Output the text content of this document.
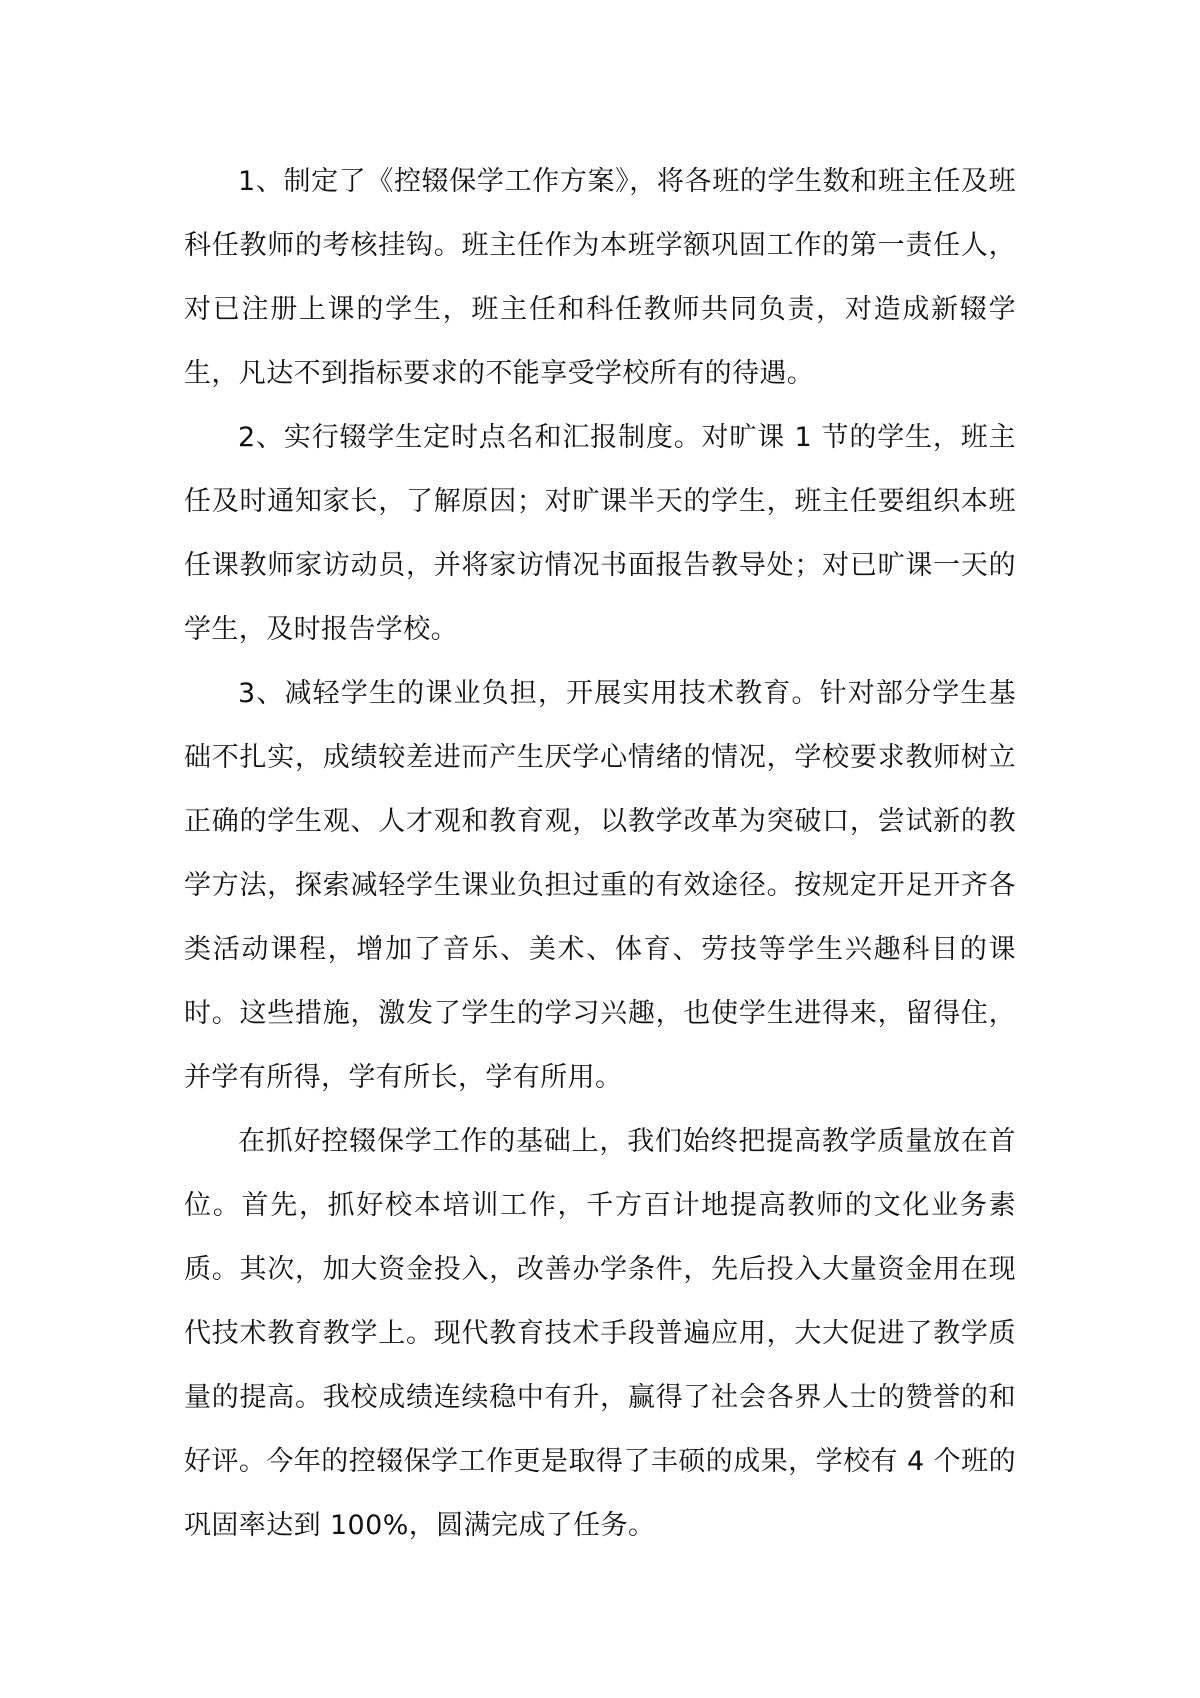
1、制定了《控辍保学工作方案》，将各班的学生数和班主任及班科任教师的考核挂钩。班主任作为本班学额巩固工作的第一责任人，对已注册上课的学生，班主任和科任教师共同负责，对造成新辍学生，凡达不到指标要求的不能享受学校所有的待遇。

2、实行辍学生定时点名和汇报制度。对旷课 1 节的学生，班主任及时通知家长，了解原因；对旷课半天的学生，班主任要组织本班任课教师家访动员，并将家访情况书面报告教导处；对已旷课一天的学生，及时报告学校。

3、减轻学生的课业负担，开展实用技术教育。针对部分学生基础不扎实，成绩较差进而产生厌学心情绪的情况，学校要求教师树立正确的学生观、人才观和教育观，以教学改革为突破口，尝试新的教学方法，探索减轻学生课业负担过重的有效途径。按规定开足开齐各类活动课程，增加了音乐、美术、体育、劳技等学生兴趣科目的课时。这些措施，激发了学生的学习兴趣，也使学生进得来，留得住，并学有所得，学有所长，学有所用。

在抓好控辍保学工作的基础上，我们始终把提高教学质量放在首位。首先，抓好校本培训工作，千方百计地提高教师的文化业务素质。其次，加大资金投入，改善办学条件，先后投入大量资金用在现代技术教育教学上。现代教育技术手段普遍应用，大大促进了教学质量的提高。我校成绩连续稳中有升，赢得了社会各界人士的赞誉的和好评。今年的控辍保学工作更是取得了丰硕的成果，学校有 4 个班的巩固率达到 100%，圆满完成了任务。
